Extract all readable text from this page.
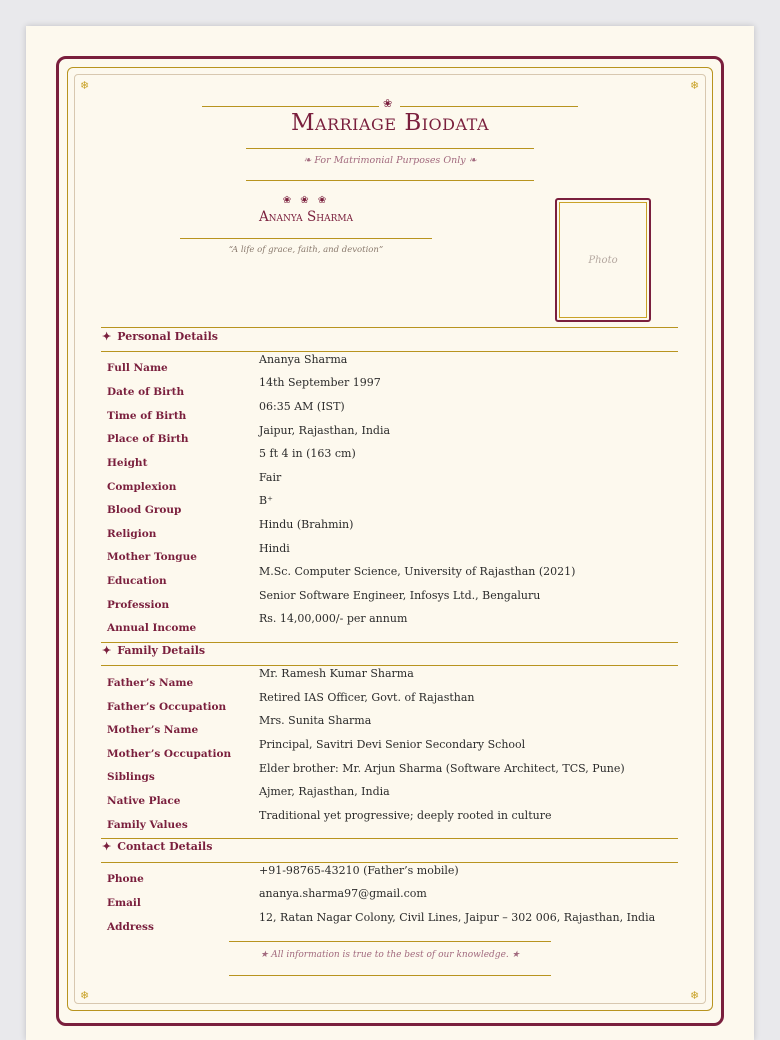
❄	❄
❄	❄
❀
Marriage Biodata
❧ For Matrimonial Purposes Only ❧
❀ ❀ ❀
Ananya Sharma
“A life of grace, faith, and devotion”
Photo
✦ Personal Details
Full Name
Ananya Sharma
Date of Birth
14th September 1997
Time of Birth
06:35 AM (IST)
Place of Birth
Jaipur, Rajasthan, India
Height
5 ft 4 in (163 cm)
Complexion
Fair
Blood Group
B⁺
Religion
Hindu (Brahmin)
Mother Tongue
Hindi
Education
M.Sc. Computer Science, University of Rajasthan (2021)
Profession
Senior Software Engineer, Infosys Ltd., Bengaluru
Annual Income
Rs. 14,00,000/- per annum
✦ Family Details
Father’s Name
Mr. Ramesh Kumar Sharma
Father’s Occupation
Retired IAS Officer, Govt. of Rajasthan
Mother’s Name
Mrs. Sunita Sharma
Mother’s Occupation
Principal, Savitri Devi Senior Secondary School
Siblings
Elder brother: Mr. Arjun Sharma (Software Architect, TCS, Pune)
Native Place
Ajmer, Rajasthan, India
Family Values
Traditional yet progressive; deeply rooted in culture
✦ Contact Details
Phone
+91-98765-43210 (Father’s mobile)
Email
ananya.sharma97@gmail.com
Address
12, Ratan Nagar Colony, Civil Lines, Jaipur – 302 006, Rajasthan, India
★ All information is true to the best of our knowledge. ★
